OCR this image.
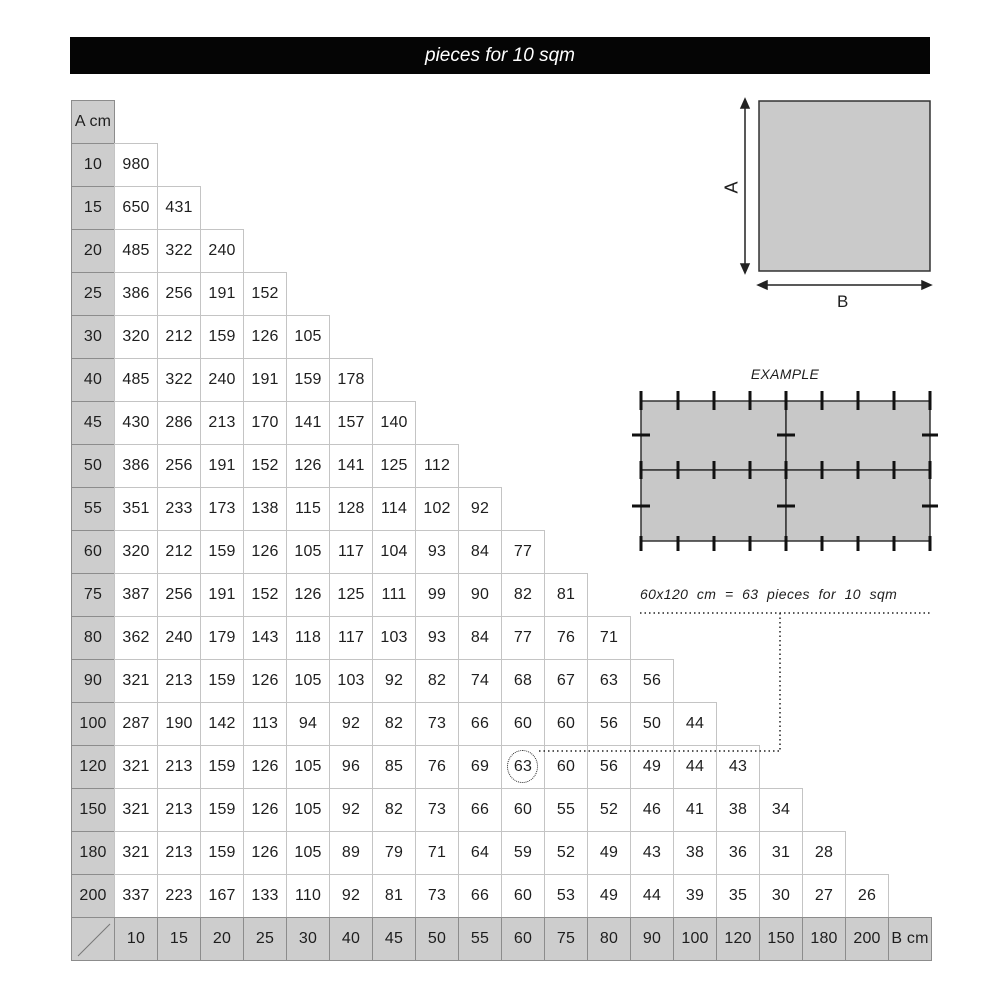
pieces for 10 sqm
A cm
10 980
15 650 431
20 485 322 240
25 386 256 191 152
30 320 212 159 126 105
40 485 322 240 191 159 178
45 430 286 213 170 141 157 140
50 386 256 191 152 126 141 125 112
55 351 233 173 138 115 128 114 102 92
60 320 212 159 126 105 117 104 93 84 77
75 387 256 191 152 126 125 111 99 90 82 81
80 362 240 179 143 118 117 103 93 84 77 76 71
90 321 213 159 126 105 103 92 82 74 68 67 63 56
100 287 190 142 113 94 92 82 73 66 60 60 56 50 44
120 321 213 159 126 105 96 85 76 69 63 60 56 49 44 43
150 321 213 159 126 105 92 82 73 66 60 55 52 46 41 38 34
180 321 213 159 126 105 89 79 71 64 59 52 49 43 38 36 31 28
200 337 223 167 133 110 92 81 73 66 60 53 49 44 39 35 30 27 26
10 15 20 25 30 40 45 50 55 60 75 80 90 100 120 150 180 200 B cm
A
B
EXAMPLE
60x120  cm  =  63  pieces  for  10  sqm
